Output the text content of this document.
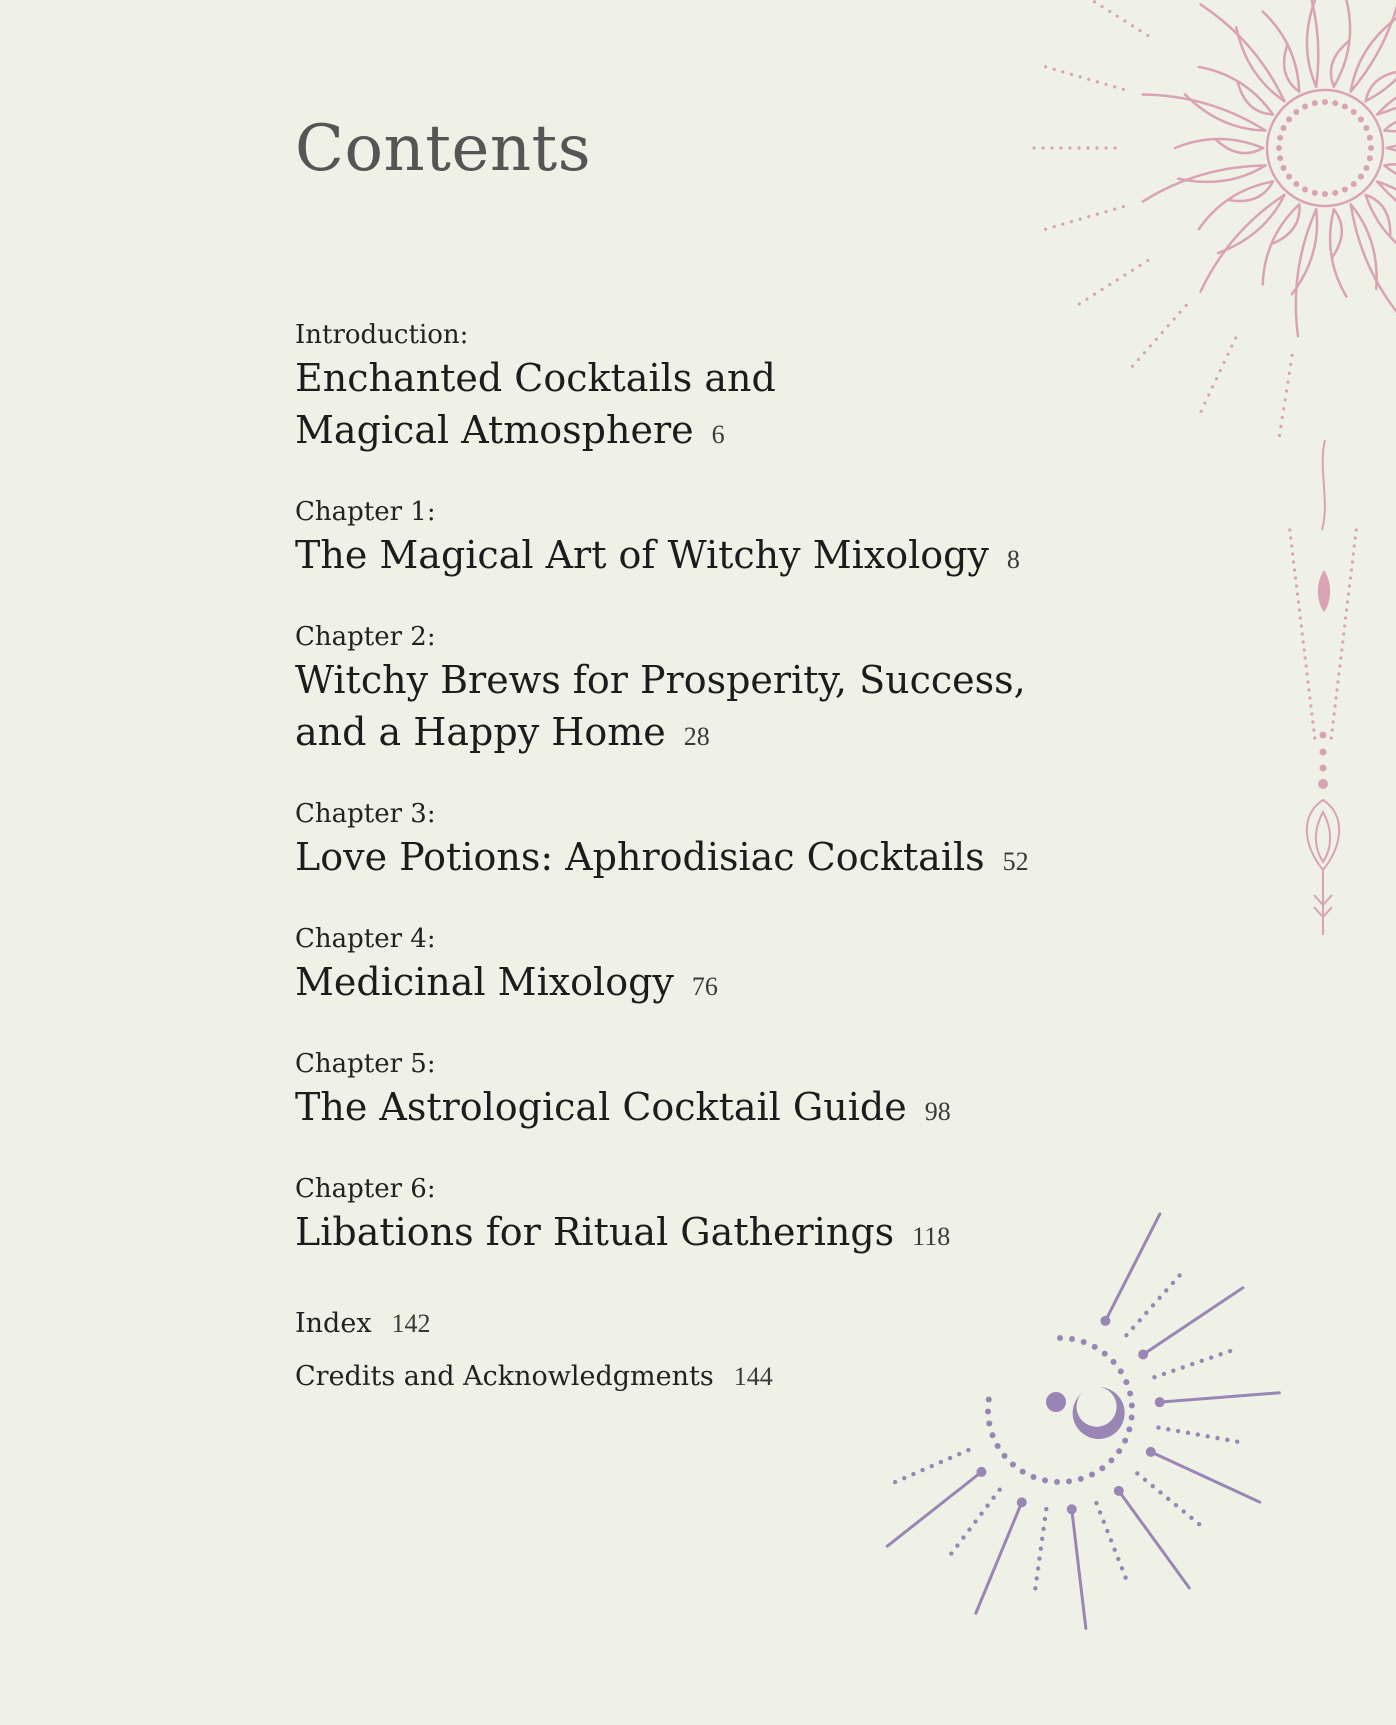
Contents
Introduction:
Enchanted Cocktails and
Magical Atmosphere 6
Chapter 1:
The Magical Art of Witchy Mixology 8
Chapter 2:
Witchy Brews for Prosperity, Success,
and a Happy Home 28
Chapter 3:
Love Potions: Aphrodisiac Cocktails 52
Chapter 4:
Medicinal Mixology 76
Chapter 5:
The Astrological Cocktail Guide 98
Chapter 6:
Libations for Ritual Gatherings 118
Index 142
Credits and Acknowledgments 144
